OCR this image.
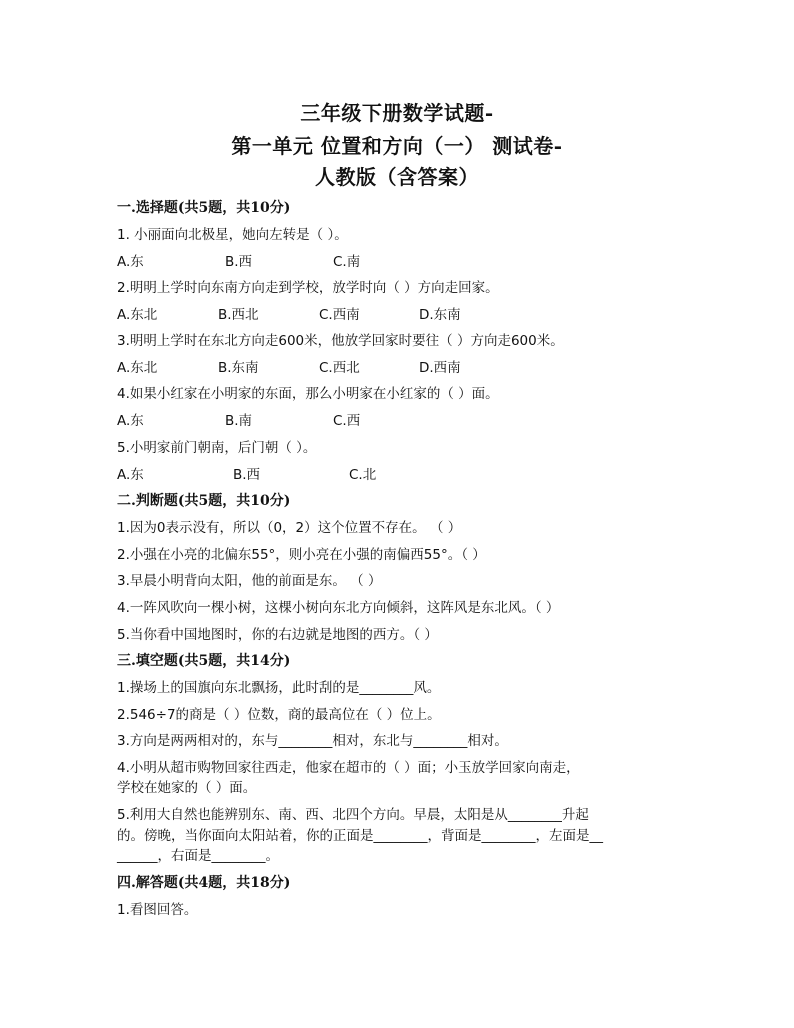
三年级下册数学试题-
第一单元 位置和方向（一） 测试卷-
人教版（含答案）
一.选择题(共5题，共10分)
1. 小丽面向北极星，她向左转是（ ）。
A.东	B.西	C.南
2.明明上学时向东南方向走到学校，放学时向（ ）方向走回家。
A.东北	B.西北	C.西南	D.东南
3.明明上学时在东北方向走600米，他放学回家时要往（ ）方向走600米。
A.东北	B.东南	C.西北	D.西南
4.如果小红家在小明家的东面，那么小明家在小红家的（ ）面。
A.东	B.南	C.西
5.小明家前门朝南，后门朝（ ）。
A.东	B.西	C.北
二.判断题(共5题，共10分)
1.因为0表示没有，所以（0，2）这个位置不存在。 （ ）
2.小强在小亮的北偏东55°，则小亮在小强的南偏西55°。（ ）
3.早晨小明背向太阳，他的前面是东。 （ ）
4.一阵风吹向一棵小树，这棵小树向东北方向倾斜，这阵风是东北风。（ ）
5.当你看中国地图时，你的右边就是地图的西方。（ ）
三.填空题(共5题，共14分)
1.操场上的国旗向东北飘扬，此时刮的是________风。
2.546÷7的商是（ ）位数，商的最高位在（ ）位上。
3.方向是两两相对的，东与________相对，东北与________相对。
4.小明从超市购物回家往西走，他家在超市的（ ）面；小玉放学回家向南走，
学校在她家的（ ）面。
5.利用大自然也能辨别东、南、西、北四个方向。早晨，太阳是从________升起
的。傍晚，当你面向太阳站着，你的正面是________，背面是________，左面是__
______，右面是________。
四.解答题(共4题，共18分)
1.看图回答。
